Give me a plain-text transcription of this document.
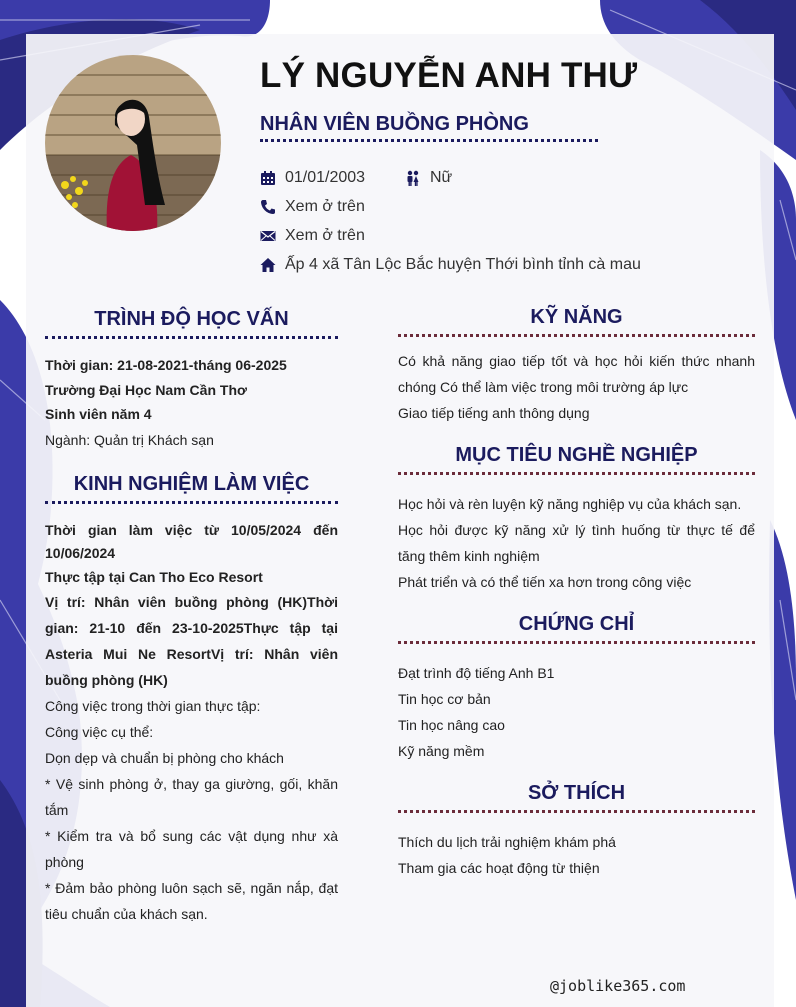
LÝ NGUYỄN ANH THƯ
NHÂN VIÊN BUỒNG PHÒNG
01/01/2003	Nữ
Xem ở trên
Xem ở trên
Ấp 4 xã Tân Lộc Bắc huyện Thới bình tỉnh cà mau
TRÌNH ĐỘ HỌC VẤN

Thời gian: 21-08-2021-tháng 06-2025

Trường Đại Học Nam Cần Thơ

Sinh viên năm 4

Ngành: Quản trị Khách sạn

KINH NGHIỆM LÀM VIỆC

Thời gian làm việc từ 10/05/2024 đến 10/06/2024

Thực tập tại Can Tho Eco Resort

Vị trí: Nhân viên buồng phòng (HK)Thời gian: 21-10 đến 23-10-2025Thực tập tại Asteria Mui Ne ResortVị trí: Nhân viên buồng phòng (HK)

Công việc trong thời gian thực tập:

Công việc cụ thể:

Dọn dẹp và chuẩn bị phòng cho khách

* Vệ sinh phòng ở, thay ga giường, gối, khăn tắm

* Kiểm tra và bổ sung các vật dụng như xà phòng

* Đảm bảo phòng luôn sạch sẽ, ngăn nắp, đạt tiêu chuẩn của khách sạn.

KỸ NĂNG

Có khả năng giao tiếp tốt và học hỏi kiến thức nhanh chóng Có thể làm việc trong môi trường áp lực

Giao tiếp tiếng anh thông dụng

MỤC TIÊU NGHỀ NGHIỆP

Học hỏi và rèn luyện kỹ năng nghiệp vụ của khách sạn.

Học hỏi được kỹ năng xử lý tình huống từ thực tế để tăng thêm kinh nghiệm

Phát triển và có thể tiến xa hơn trong công việc

CHỨNG CHỈ

Đạt trình độ tiếng Anh B1

Tin học cơ bản

Tin học nâng cao

Kỹ năng mềm

SỞ THÍCH

Thích du lịch trải nghiệm khám phá

Tham gia các hoạt động từ thiện

@joblike365.com
